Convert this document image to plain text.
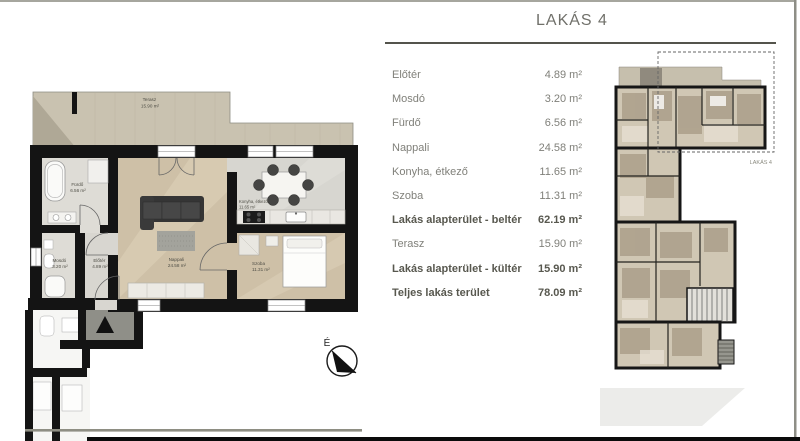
Terasz 15.90 m²
Fürdő 6.56 m²
Mosdó 3.20 m²
Előtér 4.89 m²
Nappali 24.58 m²
Konyha, étkező 11.65 m²
Szoba 11.31 m²
É
LAKÁS 4
LAKÁS 4
Előtér	4.89 m²
Mosdó	3.20 m²
Fürdő	6.56 m²
Nappali	24.58 m²
Konyha, étkező	11.65 m²
Szoba	11.31 m²
Lakás alapterület - beltér 62.19 m²
Terasz	15.90 m²
Lakás alapterület - kültér 15.90 m²
Teljes lakás terület	78.09 m²
